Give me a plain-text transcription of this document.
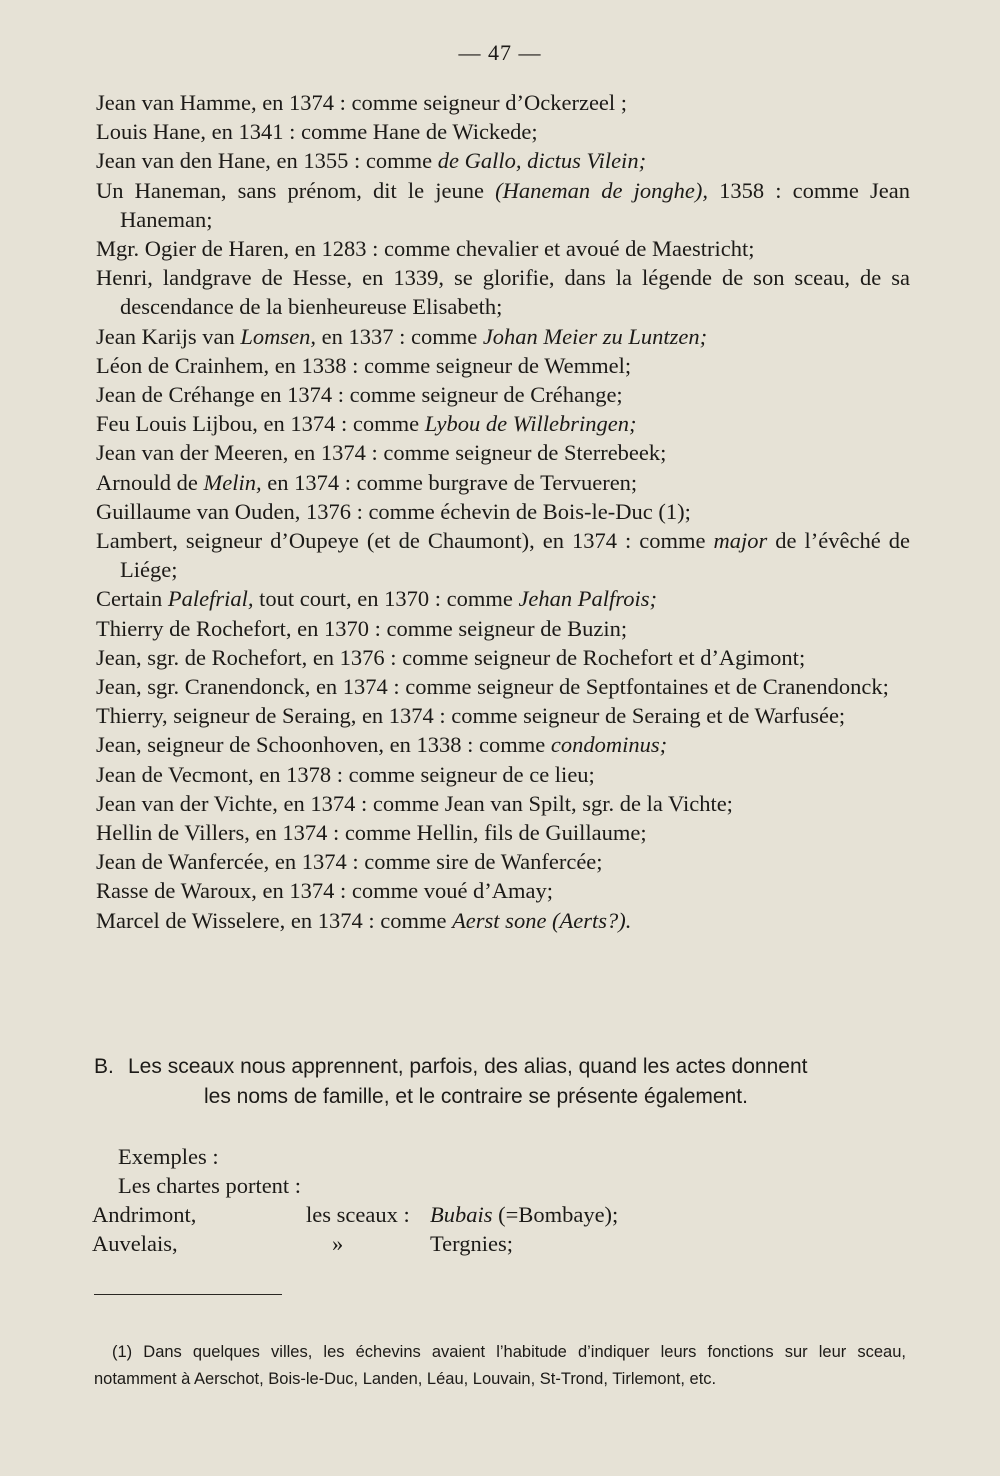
— 47 —

Jean van Hamme, en 1374 : comme seigneur d’Ockerzeel ;

Louis Hane, en 1341 : comme Hane de Wickede;

Jean van den Hane, en 1355 : comme de Gallo, dictus Vilein;

Un Haneman, sans prénom, dit le jeune (Haneman de jonghe), 1358 : comme Jean Haneman;

Mgr. Ogier de Haren, en 1283 : comme chevalier et avoué de Maestricht;

Henri, landgrave de Hesse, en 1339, se glorifie, dans la légende de son sceau, de sa descendance de la bienheureuse Elisabeth;

Jean Karijs van Lomsen, en 1337 : comme Johan Meier zu Luntzen;

Léon de Crainhem, en 1338 : comme seigneur de Wemmel;

Jean de Créhange en 1374 : comme seigneur de Créhange;

Feu Louis Lijbou, en 1374 : comme Lybou de Willebringen;

Jean van der Meeren, en 1374 : comme seigneur de Sterrebeek;

Arnould de Melin, en 1374 : comme burgrave de Tervueren;

Guillaume van Ouden, 1376 : comme échevin de Bois-le-Duc (1);

Lambert, seigneur d’Oupeye (et de Chaumont), en 1374 : comme major de l’évêché de Liége;

Certain Palefrial, tout court, en 1370 : comme Jehan Palfrois;

Thierry de Rochefort, en 1370 : comme seigneur de Buzin;

Jean, sgr. de Rochefort, en 1376 : comme seigneur de Rochefort et d’Agimont;

Jean, sgr. Cranendonck, en 1374 : comme seigneur de Septfontaines et de Cranendonck;

Thierry, seigneur de Seraing, en 1374 : comme seigneur de Seraing et de Warfusée;

Jean, seigneur de Schoonhoven, en 1338 : comme condominus;

Jean de Vecmont, en 1378 : comme seigneur de ce lieu;

Jean van der Vichte, en 1374 : comme Jean van Spilt, sgr. de la Vichte;

Hellin de Villers, en 1374 : comme Hellin, fils de Guillaume;

Jean de Wanfercée, en 1374 : comme sire de Wanfercée;

Rasse de Waroux, en 1374 : comme voué d’Amay;

Marcel de Wisselere, en 1374 : comme Aerst sone (Aerts?).

B. Les sceaux nous apprennent, parfois, des alias, quand les actes donnent
les noms de famille, et le contraire se présente également.

Exemples :
Les chartes portent :
Andrimont,	les sceaux : Bubais (=Bombaye);
Auvelais,	»	Tergnies;

(1) Dans quelques villes, les échevins avaient l’habitude d’indiquer leurs fonctions sur leur sceau, notamment à Aerschot, Bois-le-Duc, Landen, Léau, Louvain, St-Trond, Tirlemont, etc.
